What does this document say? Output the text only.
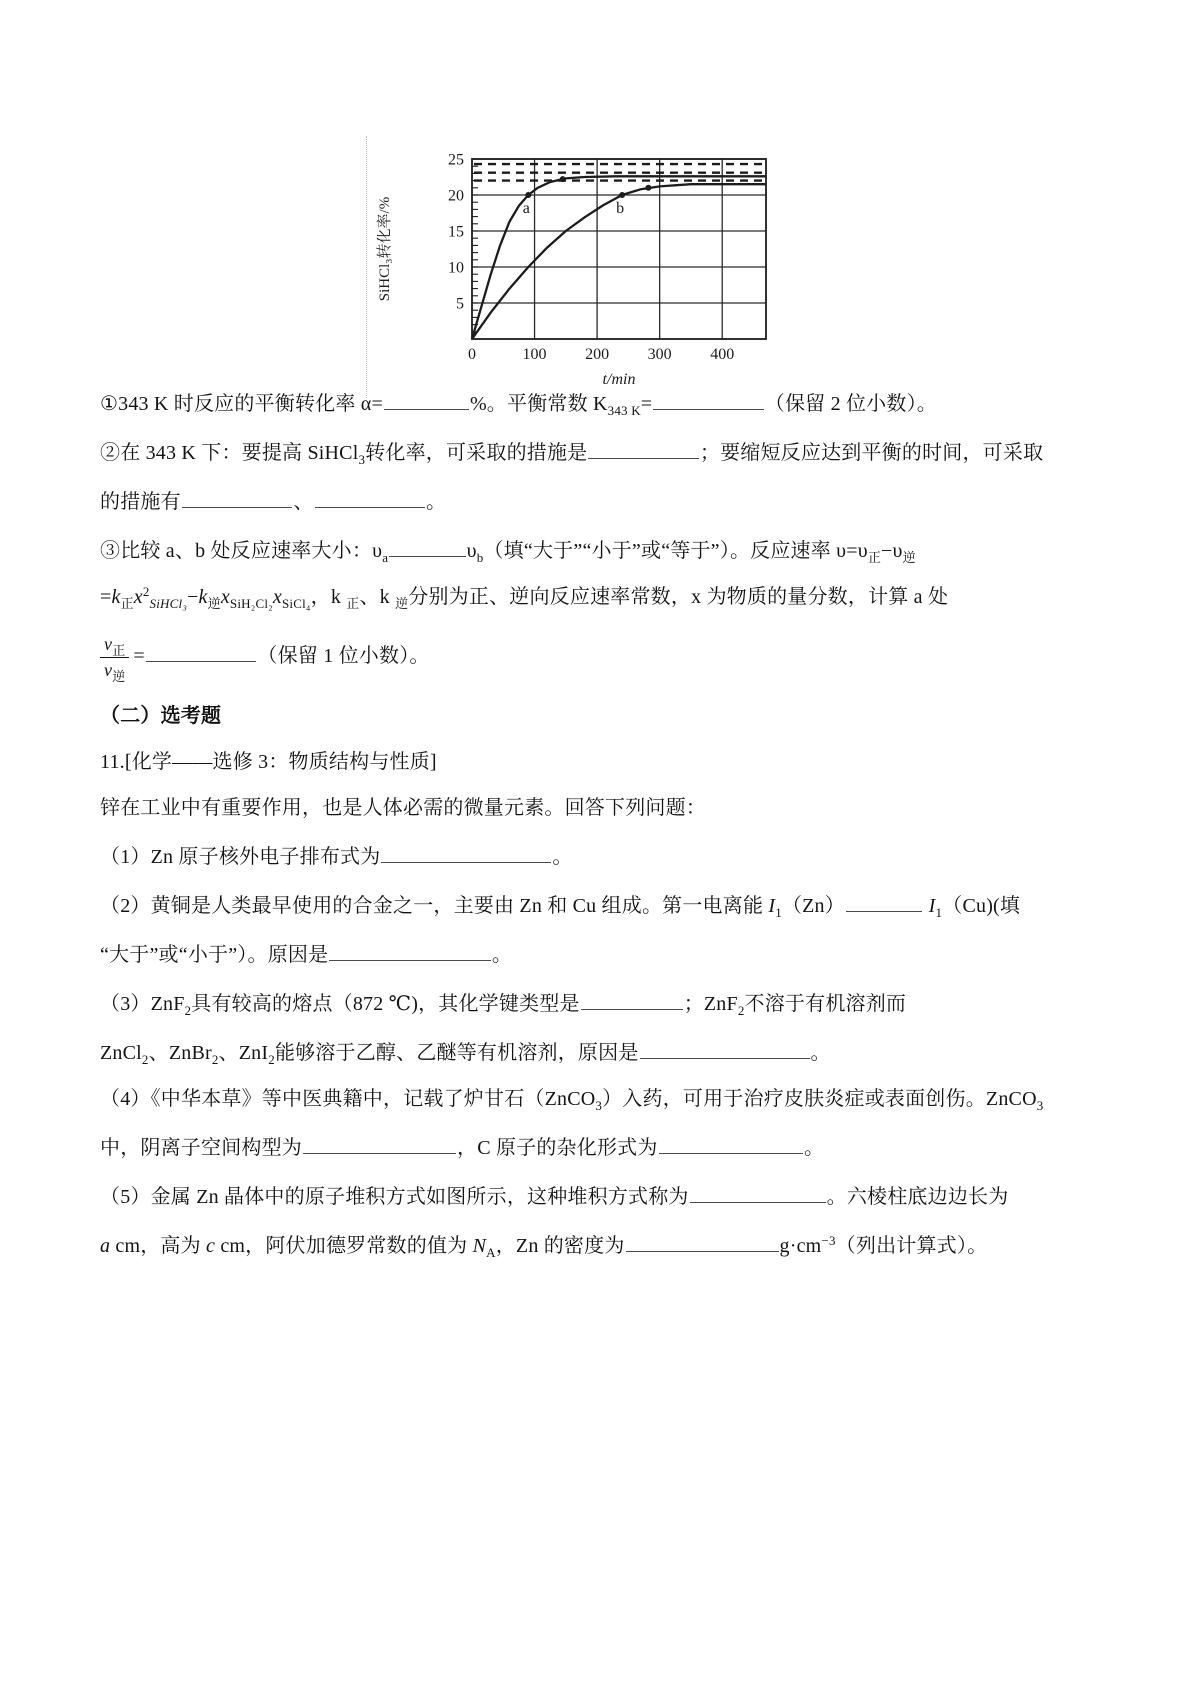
a	b
5
10
15
20
25
0	100 200 300 400
SiHCl₃转化率/%
t/min

①343 K 时反应的平衡转化率 α=	%。平衡常数 $K_{343 K}=$	（保留 2 位小数）。

②在 343 K 下：要提高 SiHCl$_3$转化率，可采取的措施是	；要缩短反应达到平衡的时间，可采取

的措施有	、	。

③比较 a、b 处反应速率大小：$\upsilon_a$	$\upsilon_b$（填“大于”“小于”或“等于”）。反应速率 $\upsilon=\upsilon_正-\upsilon_逆$

$=k_正x^2_{SiHCl_3}-k_逆x_{SiH_2Cl_2}x_{SiCl_4}$，k $_正$、k $_逆$分别为正、逆向反应速率常数，x 为物质的量分数，计算 a 处

$\frac{v_正}{v_逆}$ =	（保留 1 位小数）。

（二）选考题

11.[化学——选修 3：物质结构与性质]

锌在工业中有重要作用，也是人体必需的微量元素。回答下列问题：

（1）Zn 原子核外电子排布式为	。

（2）黄铜是人类最早使用的合金之一，主要由 Zn 和 Cu 组成。第一电离能 $I_1(Zn)$	$I_1(Cu)$(填

“大于”或“小于”）。原因是	。

（3）ZnF$_2$具有较高的熔点（872 ℃)，其化学键类型是	；ZnF$_2$不溶于有机溶剂而

ZnCl$_2$、ZnBr$_2$、ZnI$_2$能够溶于乙醇、乙醚等有机溶剂，原因是	。

（4）《中华本草》等中医典籍中，记载了炉甘石（ZnCO$_3$）入药，可用于治疗皮肤炎症或表面创伤。ZnCO$_3$

中，阴离子空间构型为	，C 原子的杂化形式为	。

（5）金属 Zn 晶体中的原子堆积方式如图所示，这种堆积方式称为	。六棱柱底边边长为

a cm，高为 c cm，阿伏加德罗常数的值为 $N_A$，Zn 的密度为	$g\cdot cm^{-3}$（列出计算式）。
